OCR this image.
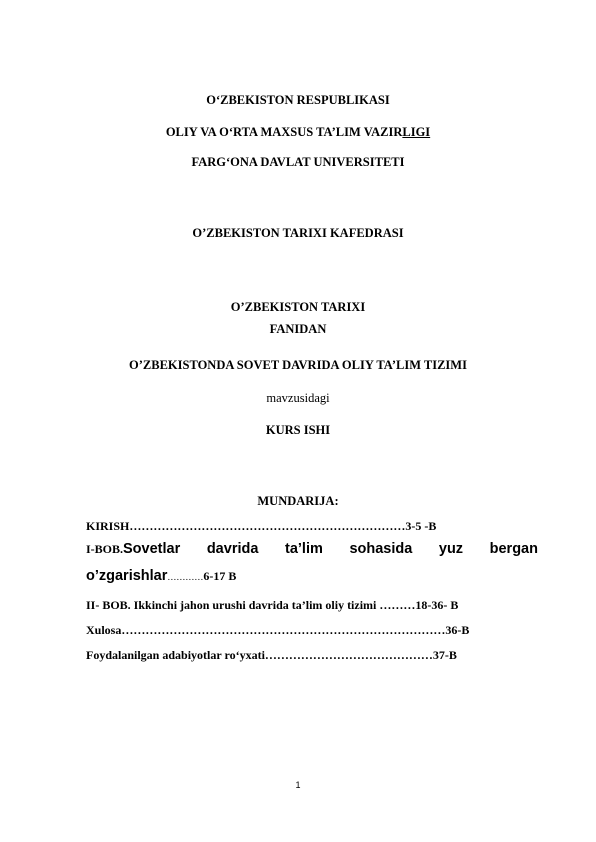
O‘ZBEKISTON RESPUBLIKASI
OLIY VA O‘RTA MAXSUS TA’LIM VAZIRLIGI
FARG‘ONA DAVLAT UNIVERSITETI
O’ZBEKISTON TARIXI KAFEDRASI
O’ZBEKISTON TARIXI
FANIDAN
O’ZBEKISTONDA SOVET DAVRIDA OLIY TA’LIM TIZIMI
mavzusidagi
KURS ISHI
MUNDARIJA:
KIRISH……………………………………………………………3-5 -B
I-BOB.Sovetlar davrida ta’lim sohasida yuz bergan
o’zgarishlar…………6-17 B
II- BOB. Ikkinchi jahon urushi davrida ta’lim oliy tizimi ………18-36- B
Xulosa………………………………………………………………………36-B
Foydalanilgan adabiyotlar ro‘yxati……………………………………37-B
1
